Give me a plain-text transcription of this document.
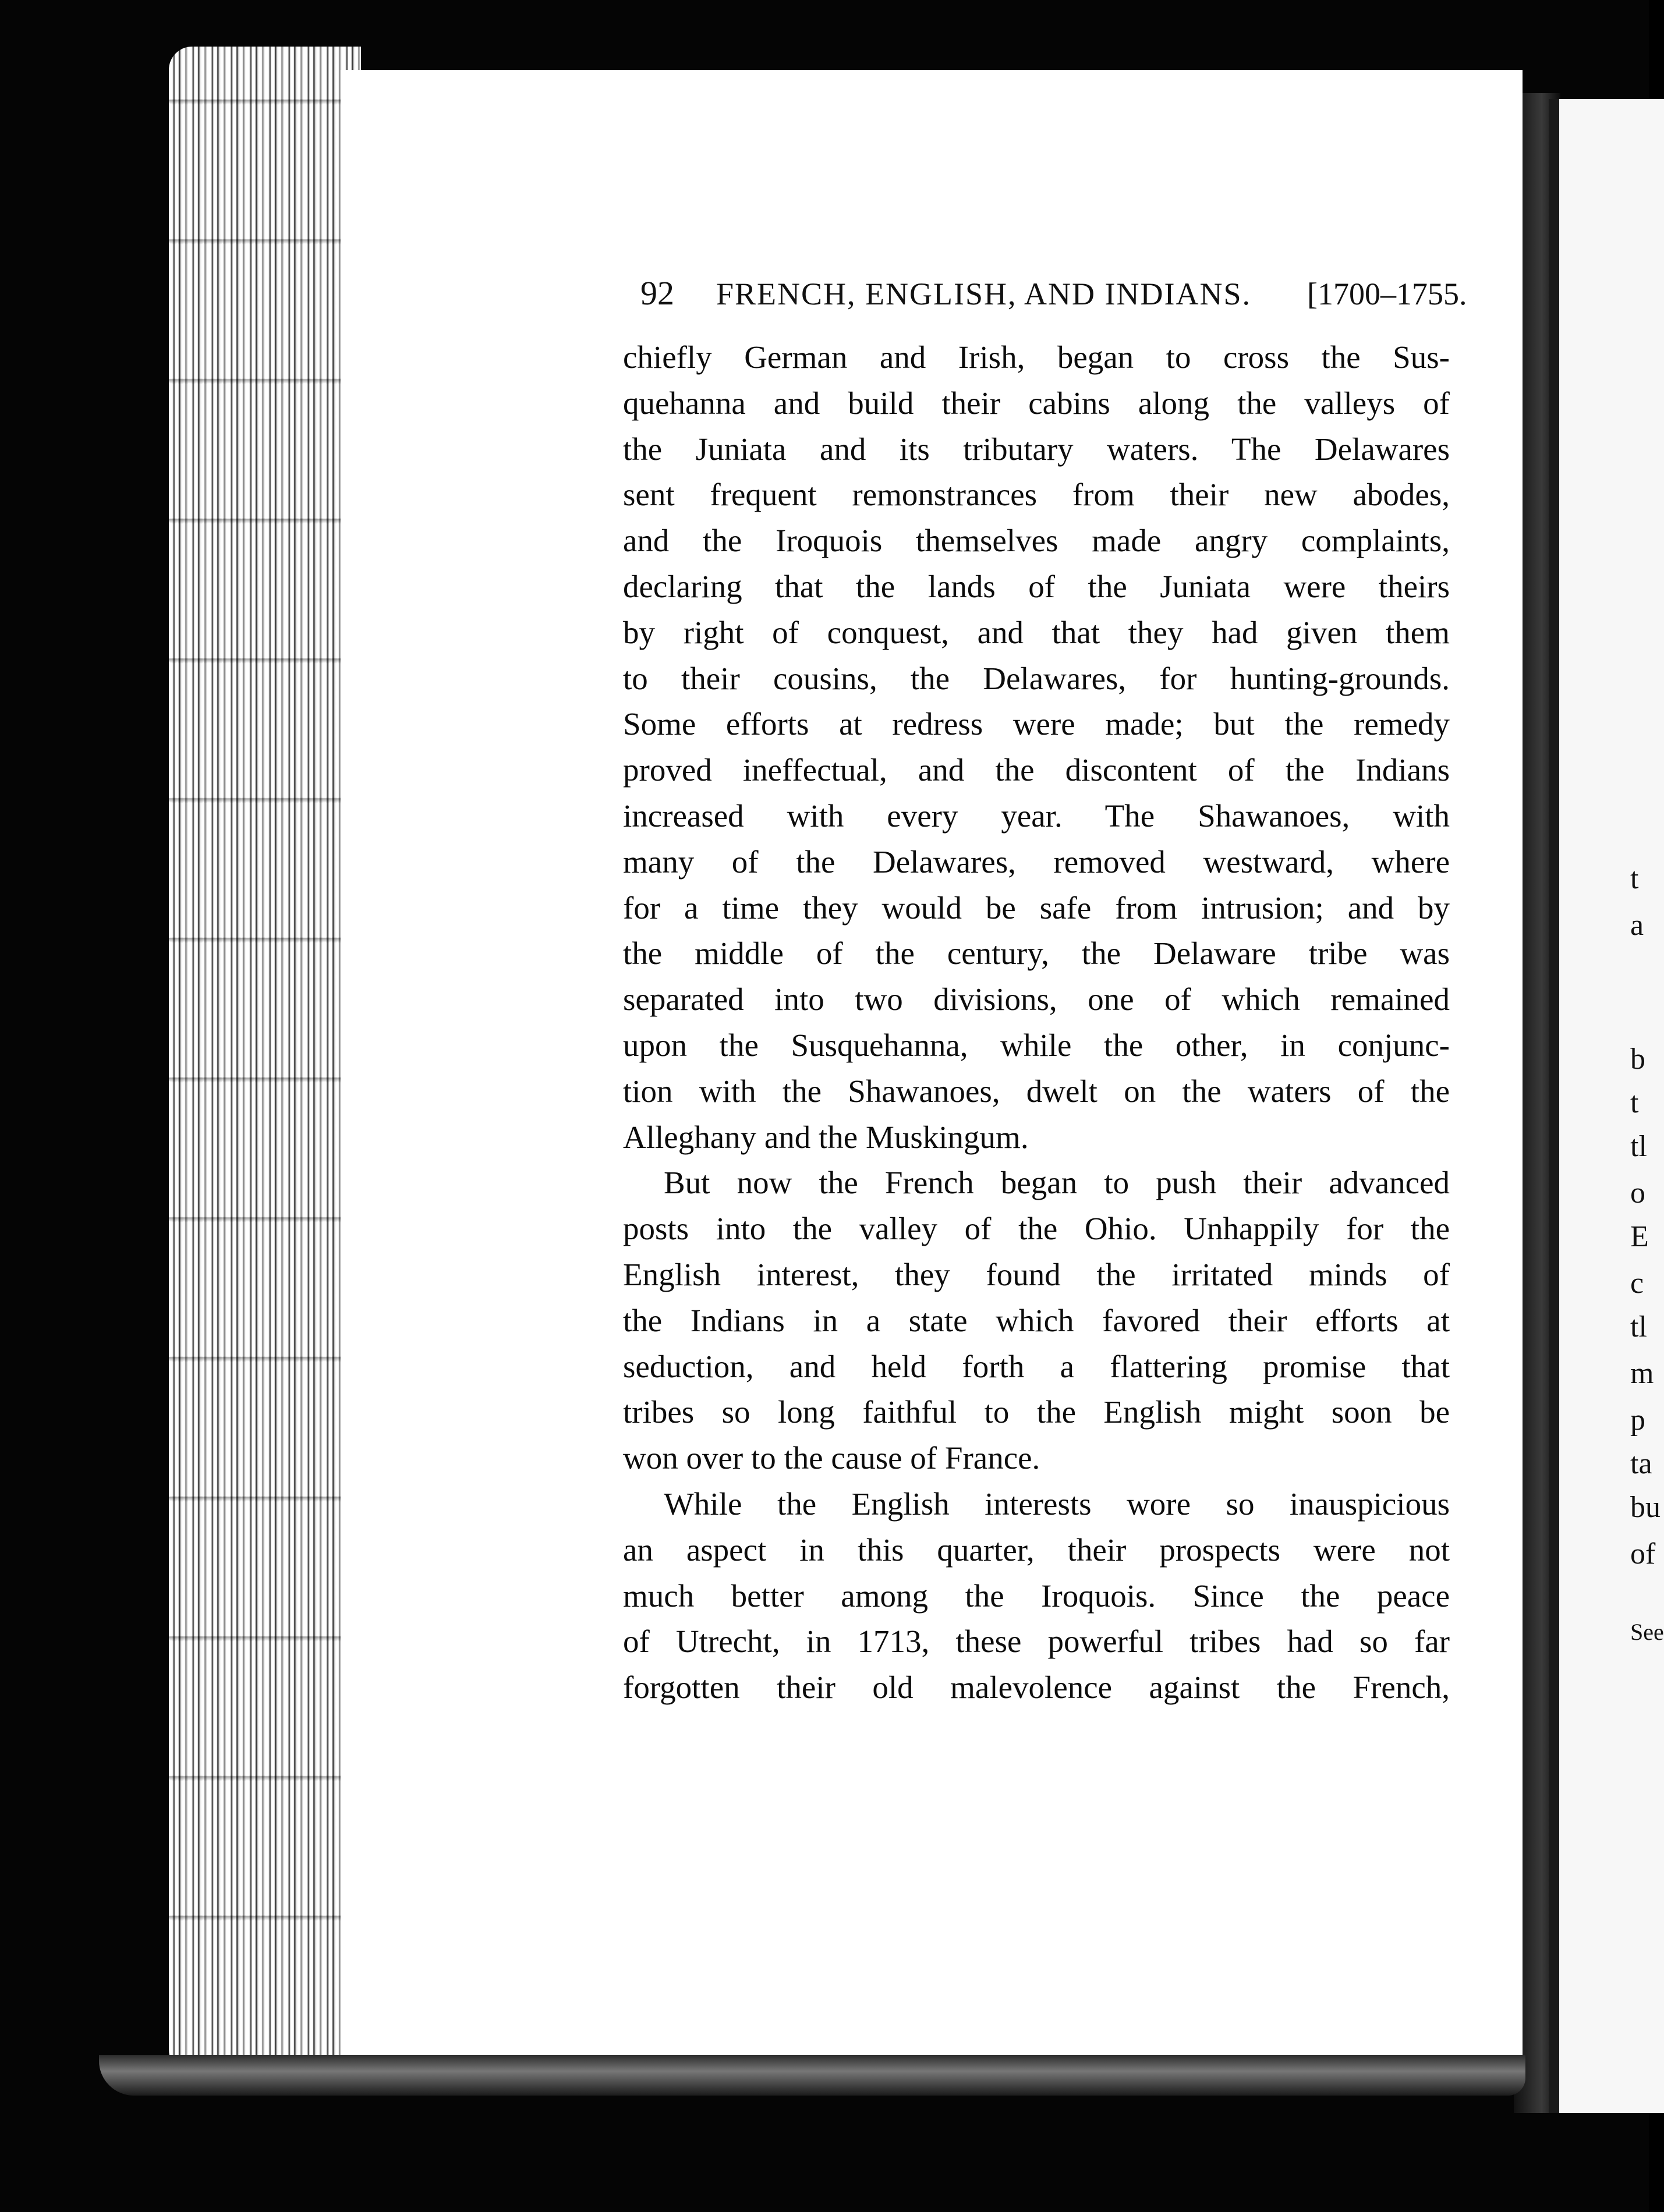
t
a
b
t
tl
o
E
c
tl
m
p
ta
bu
of
See
92 FRENCH, ENGLISH, AND INDIANS. [1700–1755.
chiefly German and Irish, began to cross the Sus-
quehanna and build their cabins along the valleys of
the Juniata and its tributary waters. The Delawares
sent frequent remonstrances from their new abodes,
and the Iroquois themselves made angry complaints,
declaring that the lands of the Juniata were theirs
by right of conquest, and that they had given them
to their cousins, the Delawares, for hunting-grounds.
Some efforts at redress were made; but the remedy
proved ineffectual, and the discontent of the Indians
increased with every year. The Shawanoes, with
many of the Delawares, removed westward, where
for a time they would be safe from intrusion; and by
the middle of the century, the Delaware tribe was
separated into two divisions, one of which remained
upon the Susquehanna, while the other, in conjunc-
tion with the Shawanoes, dwelt on the waters of the
Alleghany and the Muskingum.
But now the French began to push their advanced
posts into the valley of the Ohio. Unhappily for the
English interest, they found the irritated minds of
the Indians in a state which favored their efforts at
seduction, and held forth a flattering promise that
tribes so long faithful to the English might soon be
won over to the cause of France.
While the English interests wore so inauspicious
an aspect in this quarter, their prospects were not
much better among the Iroquois. Since the peace
of Utrecht, in 1713, these powerful tribes had so far
forgotten their old malevolence against the French,
